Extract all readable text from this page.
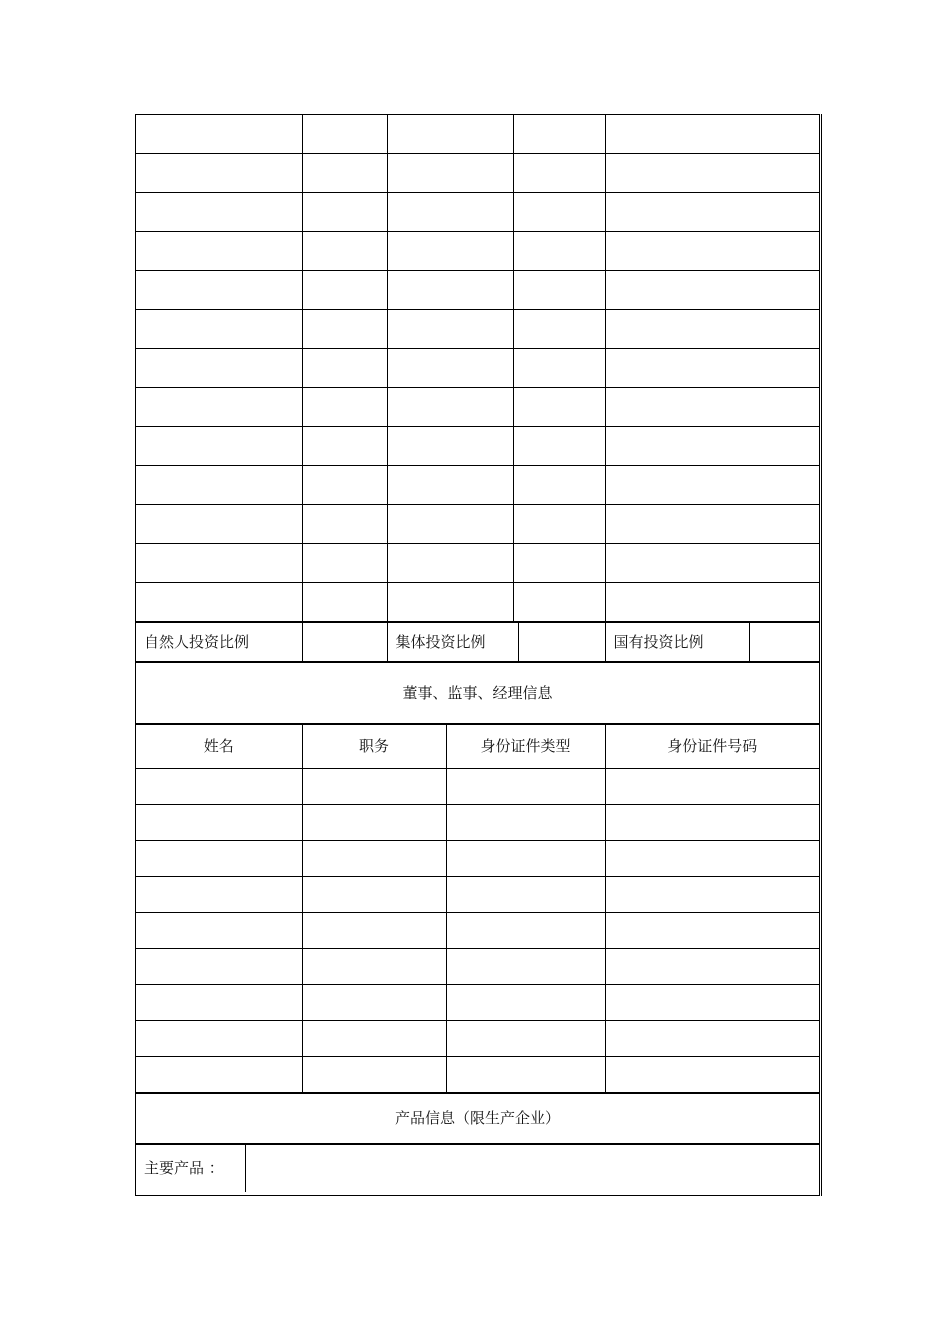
自然人投资比例		集体投资比例		国有投资比例	
董事、监事、经理信息
姓名	职务	身份证件类型	身份证件号码

产品信息（限生产企业）
主要产品 ：	
